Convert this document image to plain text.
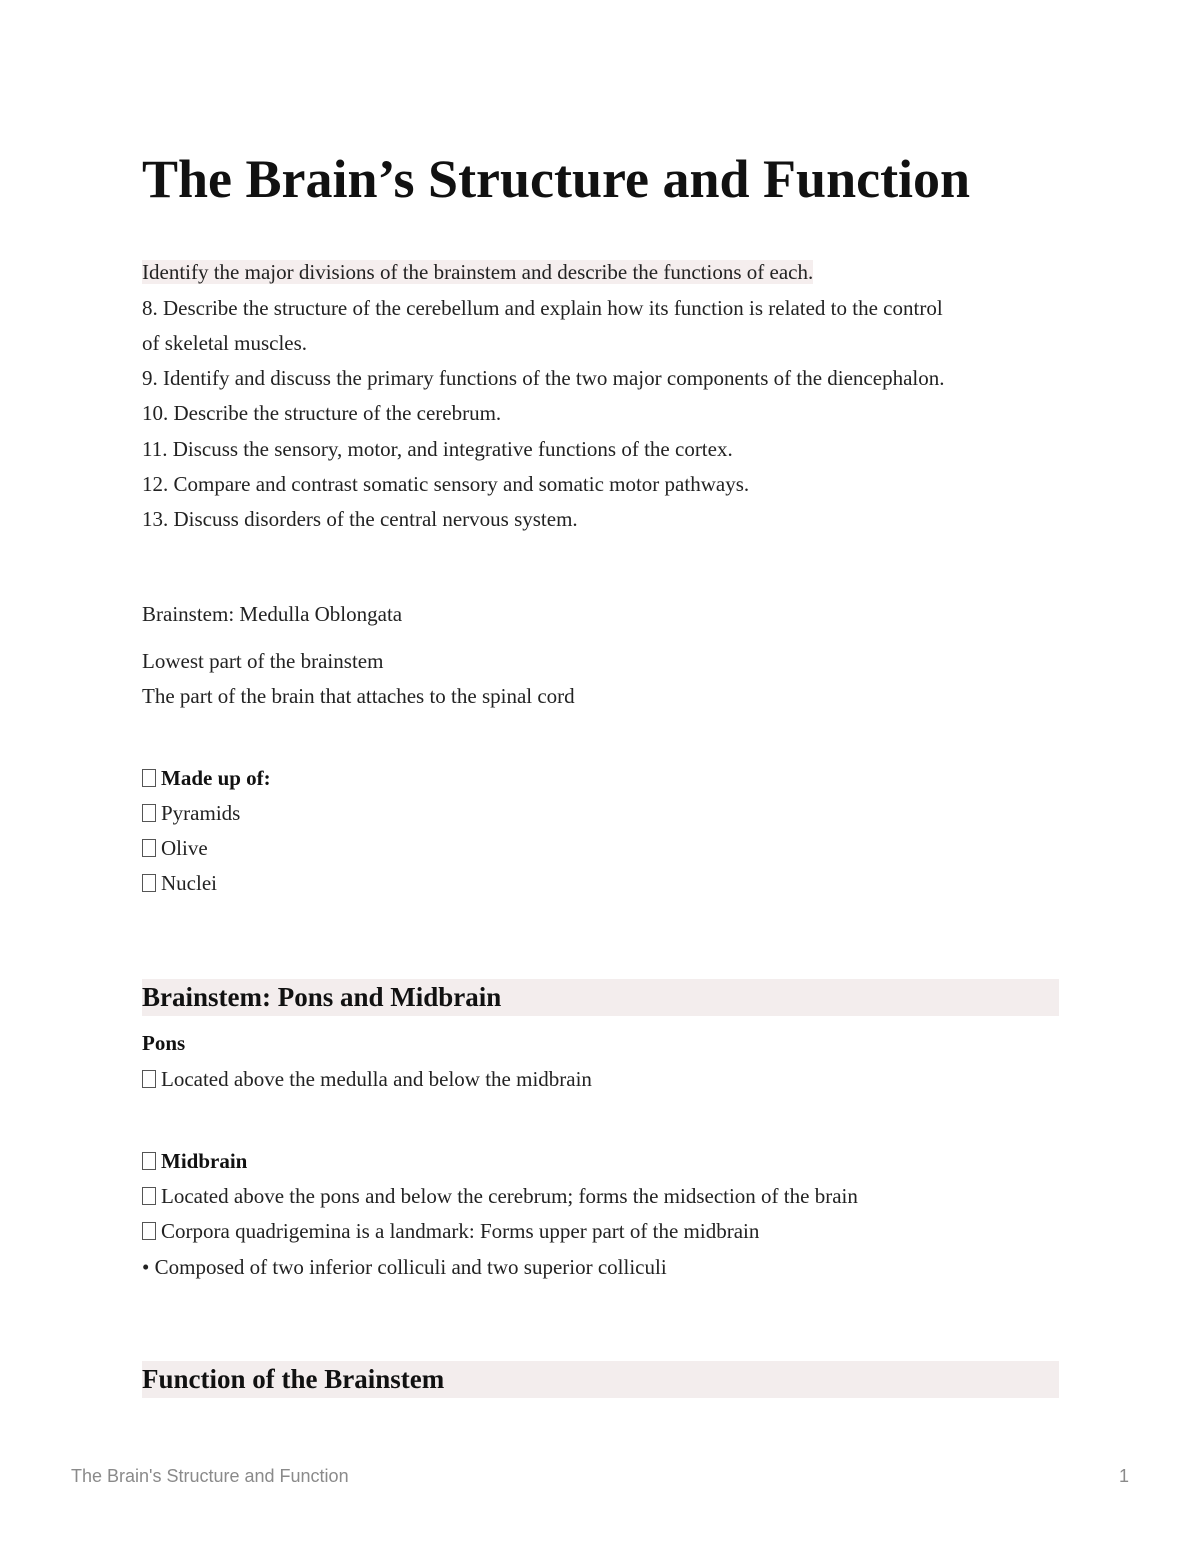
The Brain’s Structure and Function
Identify the major divisions of the brainstem and describe the functions of each.
8. Describe the structure of the cerebellum and explain how its function is related to the control
of skeletal muscles.
9. Identify and discuss the primary functions of the two major components of the diencephalon.
10. Describe the structure of the cerebrum.
11. Discuss the sensory, motor, and integrative functions of the cortex.
12. Compare and contrast somatic sensory and somatic motor pathways.
13. Discuss disorders of the central nervous system.
Brainstem: Medulla Oblongata
Lowest part of the brainstem
The part of the brain that attaches to the spinal cord
Made up of:
Pyramids
Olive
Nuclei
Brainstem: Pons and Midbrain
Pons
Located above the medulla and below the midbrain
Midbrain
Located above the pons and below the cerebrum; forms the midsection of the brain
Corpora quadrigemina is a landmark: Forms upper part of the midbrain
• Composed of two inferior colliculi and two superior colliculi
Function of the Brainstem
The Brain's Structure and Function	1
